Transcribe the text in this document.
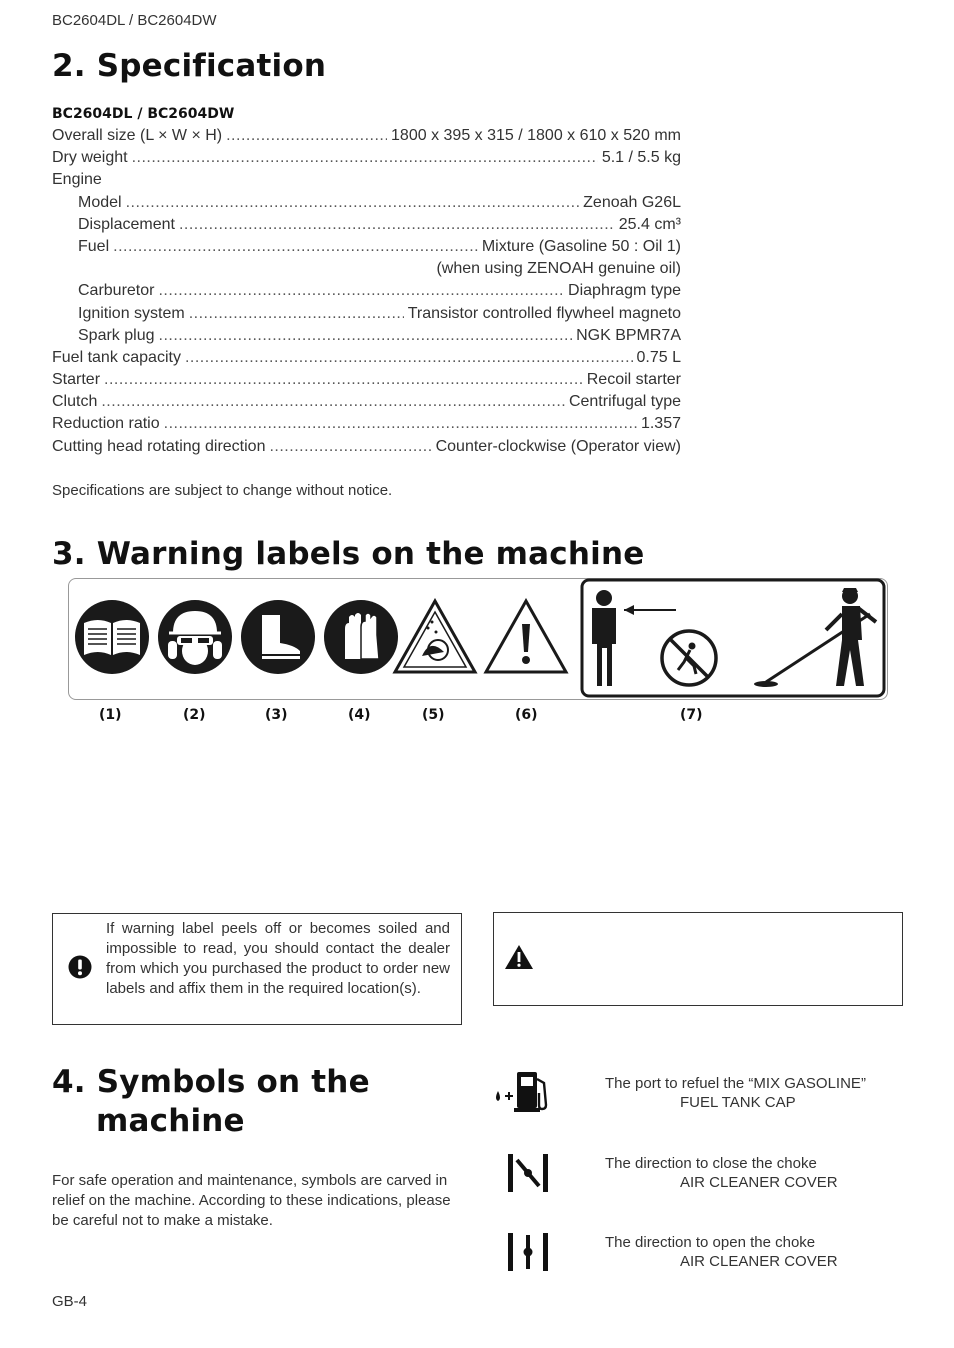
BC2604DL / BC2604DW
2. Specification
BC2604DL / BC2604DW
Overall size (L × W × H) .....	1800 x 395 x 315 / 1800 x 610 x 520 mm
Dry weight .....	5.1 / 5.5 kg
Engine
Model .....	Zenoah G26L
Displacement .....	25.4 cm³
Fuel .....	Mixture (Gasoline 50 : Oil 1)
(when using ZENOAH genuine oil)
Carburetor .....	Diaphragm type
Ignition system .....	Transistor controlled flywheel magneto
Spark plug .....	NGK BPMR7A
Fuel tank capacity .....	0.75 L
Starter .....	Recoil starter
Clutch .....	Centrifugal type
Reduction ratio .....	1.357
Cutting head rotating direction .....	Counter-clockwise (Operator view)
Specifications are subject to change without notice.
3. Warning labels on the machine
(1)	(2)	(3)	(4)	(5)	(6)	(7)
If warning label peels off or becomes soiled and impossible to read, you should contact the dealer from which you purchased the product to order new labels and affix them in the required location(s).
4. Symbols on the
machine
For safe operation and maintenance, symbols are carved in relief on the machine. According to these indications, please be careful not to make a mistake.
The port to refuel the “MIX GASOLINE”
FUEL TANK CAP
The direction to close the choke
AIR CLEANER COVER
The direction to open the choke
AIR CLEANER COVER
GB-4
